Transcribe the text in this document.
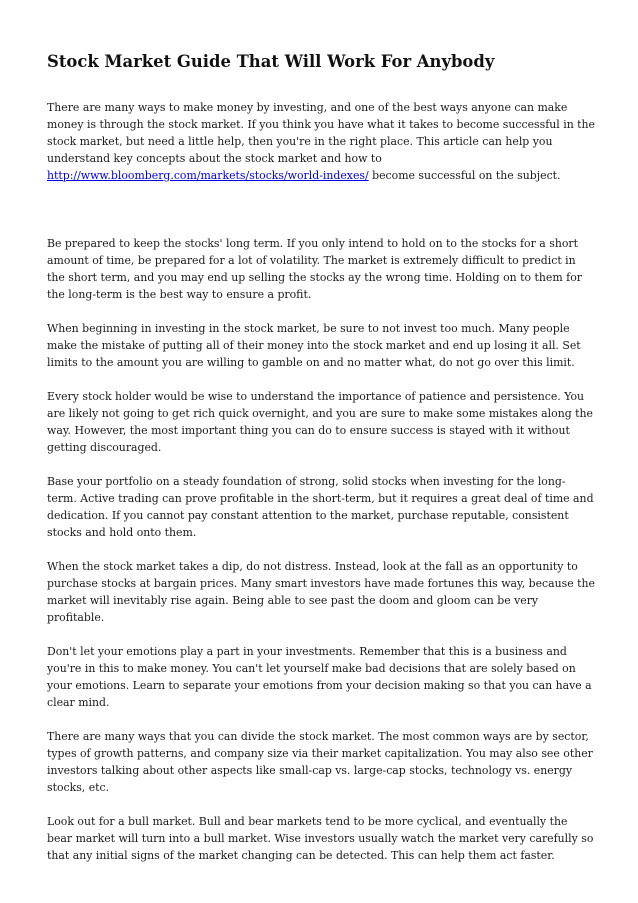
Stock Market Guide That Will Work For Anybody

There are many ways to make money by investing, and one of the best ways anyone can make money is through the stock market. If you think you have what it takes to become successful in the stock market, but need a little help, then you're in the right place. This article can help you understand key concepts about the stock market and how to http://www.bloomberg.com/markets/stocks/world-indexes/ become successful on the subject.

Be prepared to keep the stocks' long term. If you only intend to hold on to the stocks for a short amount of time, be prepared for a lot of volatility. The market is extremely difficult to predict in the short term, and you may end up selling the stocks ay the wrong time. Holding on to them for the long-term is the best way to ensure a profit.

When beginning in investing in the stock market, be sure to not invest too much. Many people make the mistake of putting all of their money into the stock market and end up losing it all. Set limits to the amount you are willing to gamble on and no matter what, do not go over this limit.

Every stock holder would be wise to understand the importance of patience and persistence. You are likely not going to get rich quick overnight, and you are sure to make some mistakes along the way. However, the most important thing you can do to ensure success is stayed with it without getting discouraged.

Base your portfolio on a steady foundation of strong, solid stocks when investing for the long-term. Active trading can prove profitable in the short-term, but it requires a great deal of time and dedication. If you cannot pay constant attention to the market, purchase reputable, consistent stocks and hold onto them.

When the stock market takes a dip, do not distress. Instead, look at the fall as an opportunity to purchase stocks at bargain prices. Many smart investors have made fortunes this way, because the market will inevitably rise again. Being able to see past the doom and gloom can be very profitable.

Don't let your emotions play a part in your investments. Remember that this is a business and you're in this to make money. You can't let yourself make bad decisions that are solely based on your emotions. Learn to separate your emotions from your decision making so that you can have a clear mind.

There are many ways that you can divide the stock market. The most common ways are by sector, types of growth patterns, and company size via their market capitalization. You may also see other investors talking about other aspects like small-cap vs. large-cap stocks, technology vs. energy stocks, etc.

Look out for a bull market. Bull and bear markets tend to be more cyclical, and eventually the bear market will turn into a bull market. Wise investors usually watch the market very carefully so that any initial signs of the market changing can be detected. This can help them act faster.
